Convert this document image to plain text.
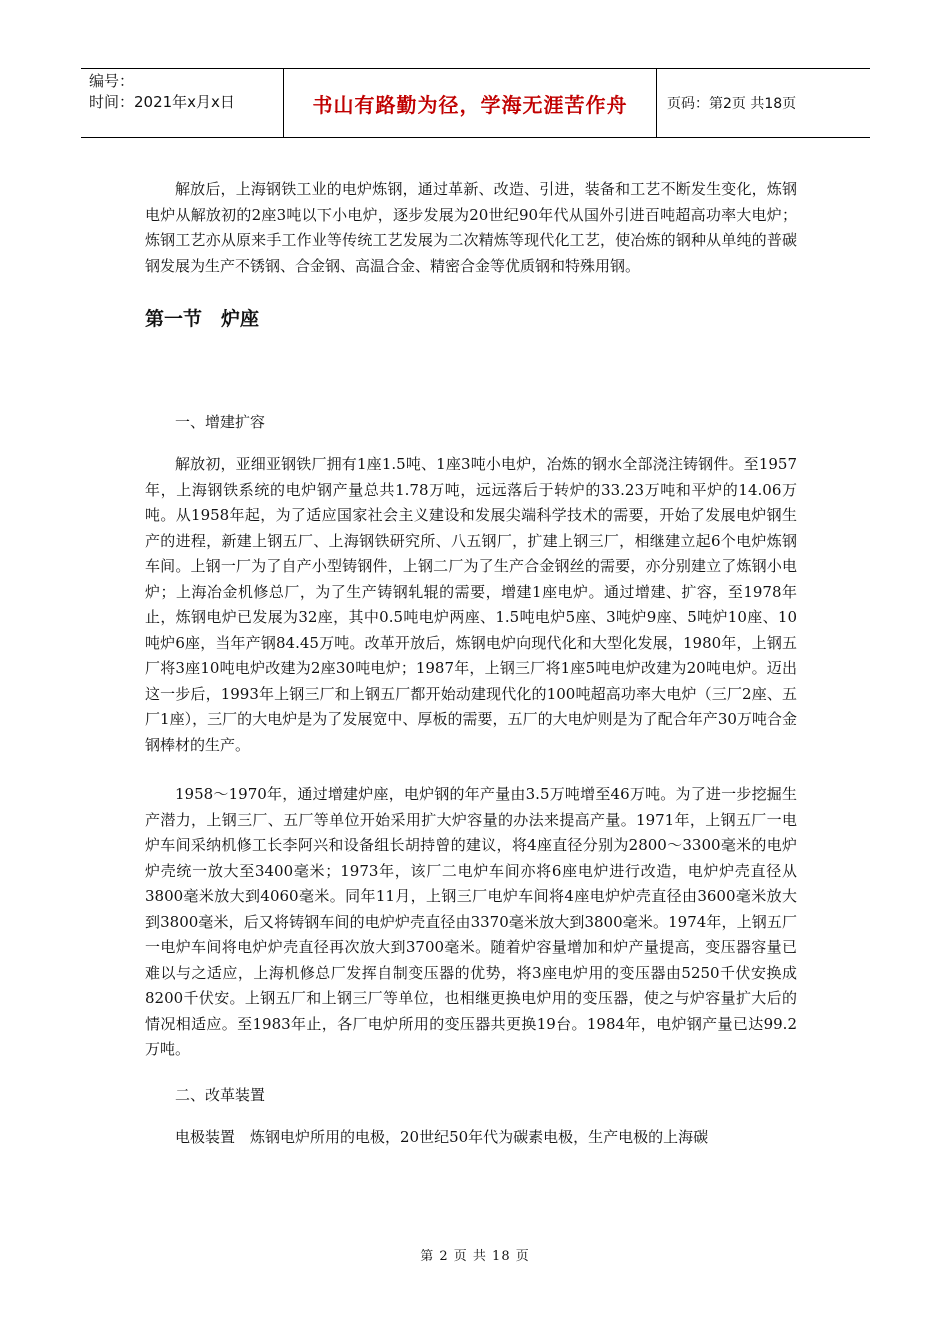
编号：
时间：2021年x月x日	书山有路勤为径，学海无涯苦作舟	页码：第2页 共18页

解放后，上海钢铁工业的电炉炼钢，通过革新、改造、引进，装备和工艺不断发生变化，炼钢电炉从解放初的2座3吨以下小电炉，逐步发展为20世纪90年代从国外引进百吨超高功率大电炉；炼钢工艺亦从原来手工作业等传统工艺发展为二次精炼等现代化工艺，使冶炼的钢种从单纯的普碳钢发展为生产不锈钢、合金钢、高温合金、精密合金等优质钢和特殊用钢。

第一节　炉座

一、增建扩容

解放初，亚细亚钢铁厂拥有1座1.5吨、1座3吨小电炉，冶炼的钢水全部浇注铸钢件。至1957年，上海钢铁系统的电炉钢产量总共1.78万吨，远远落后于转炉的33.23万吨和平炉的14.06万吨。从1958年起，为了适应国家社会主义建设和发展尖端科学技术的需要，开始了发展电炉钢生产的进程，新建上钢五厂、上海钢铁研究所、八五钢厂，扩建上钢三厂，相继建立起6个电炉炼钢车间。上钢一厂为了自产小型铸钢件，上钢二厂为了生产合金钢丝的需要，亦分别建立了炼钢小电炉；上海冶金机修总厂，为了生产铸钢轧辊的需要，增建1座电炉。通过增建、扩容，至1978年止，炼钢电炉已发展为32座，其中0.5吨电炉两座、1.5吨电炉5座、3吨炉9座、5吨炉10座、10吨炉6座，当年产钢84.45万吨。改革开放后，炼钢电炉向现代化和大型化发展，1980年，上钢五厂将3座10吨电炉改建为2座30吨电炉；1987年，上钢三厂将1座5吨电炉改建为20吨电炉。迈出这一步后，1993年上钢三厂和上钢五厂都开始动建现代化的100吨超高功率大电炉（三厂2座、五厂1座），三厂的大电炉是为了发展宽中、厚板的需要，五厂的大电炉则是为了配合年产30万吨合金钢棒材的生产。

1958～1970年，通过增建炉座，电炉钢的年产量由3.5万吨增至46万吨。为了进一步挖掘生产潜力，上钢三厂、五厂等单位开始采用扩大炉容量的办法来提高产量。1971年，上钢五厂一电炉车间采纳机修工长李阿兴和设备组长胡持曾的建议，将4座直径分别为2800～3300毫米的电炉炉壳统一放大至3400毫米；1973年，该厂二电炉车间亦将6座电炉进行改造，电炉炉壳直径从3800毫米放大到4060毫米。同年11月，上钢三厂电炉车间将4座电炉炉壳直径由3600毫米放大到3800毫米，后又将铸钢车间的电炉炉壳直径由3370毫米放大到3800毫米。1974年，上钢五厂一电炉车间将电炉炉壳直径再次放大到3700毫米。随着炉容量增加和炉产量提高，变压器容量已难以与之适应，上海机修总厂发挥自制变压器的优势，将3座电炉用的变压器由5250千伏安换成8200千伏安。上钢五厂和上钢三厂等单位，也相继更换电炉用的变压器，使之与炉容量扩大后的情况相适应。至1983年止，各厂电炉所用的变压器共更换19台。1984年，电炉钢产量已达99.2万吨。

二、改革装置

电极装置　炼钢电炉所用的电极，20世纪50年代为碳素电极，生产电极的上海碳

第 2 页 共 18 页
